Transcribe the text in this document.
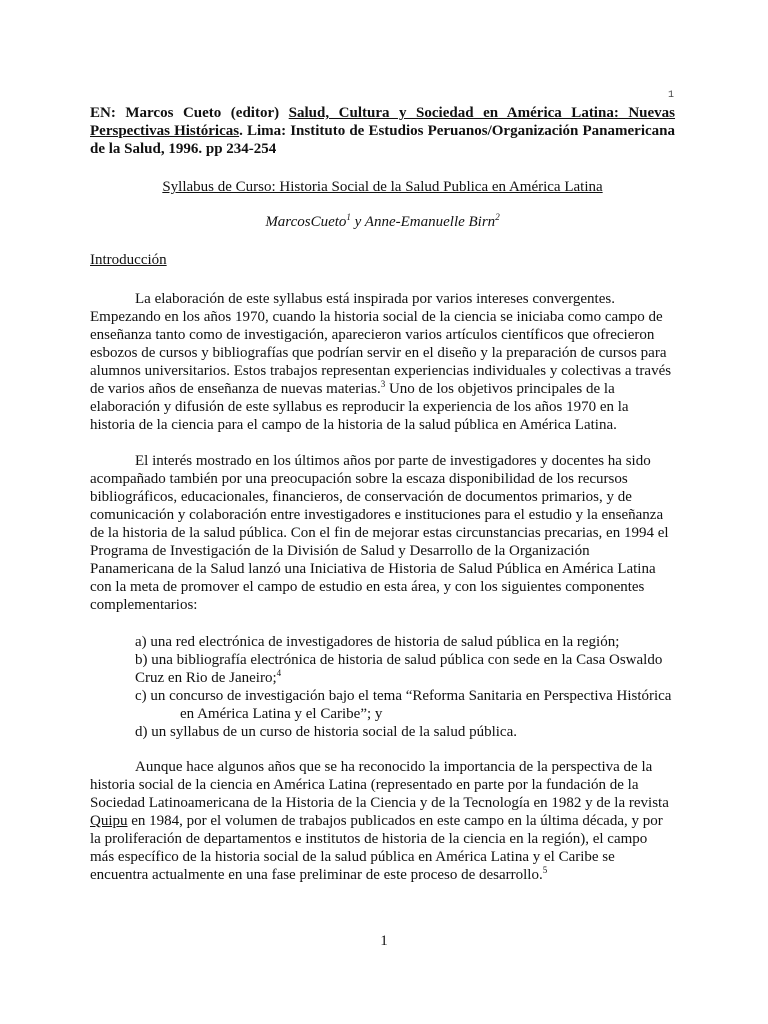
1
EN: Marcos Cueto (editor) Salud, Cultura y Sociedad en América Latina: Nuevas Perspectivas Históricas. Lima: Instituto de Estudios Peruanos/Organización Panamericana de la Salud, 1996. pp 234-254
Syllabus de Curso: Historia Social de la Salud Publica en América Latina
MarcosCueto$^1$ y Anne-Emanuelle Birn$^2$
Introducción

La elaboración de este syllabus está inspirada por varios intereses convergentes. Empezando en los años 1970, cuando la historia social de la ciencia se iniciaba como campo de enseñanza tanto como de investigación, aparecieron varios artículos científicos que ofrecieron esbozos de cursos y bibliografías que podrían servir en el diseño y la preparación de cursos para alumnos universitarios. Estos trabajos representan experiencias individuales y colectivas a través de varios años de enseñanza de nuevas materias.$^3$ Uno de los objetivos principales de la elaboración y difusión de este syllabus es reproducir la experiencia de los años 1970 en la historia de la ciencia para el campo de la historia de la salud pública en América Latina.

El interés mostrado en los últimos años por parte de investigadores y docentes ha sido acompañado también por una preocupación sobre la escaza disponibilidad de los recursos bibliográficos, educacionales, financieros, de conservación de documentos primarios, y de comunicación y colaboración entre investigadores e instituciones para el estudio y la enseñanza de la historia de la salud pública. Con el fin de mejorar estas circunstancias precarias, en 1994 el Programa de Investigación de la División de Salud y Desarrollo de la Organización Panamericana de la Salud lanzó una Iniciativa de Historia de Salud Pública en América Latina con la meta de promover el campo de estudio en esta área, y con los siguientes componentes complementarios:

a) una red electrónica de investigadores de historia de salud pública en la región;

b) una bibliografía electrónica de historia de salud pública con sede en la Casa Oswaldo Cruz en Rio de Janeiro;$^4$

c) un concurso de investigación bajo el tema “Reforma Sanitaria en Perspectiva Histórica

en América Latina y el Caribe”; y

d) un syllabus de un curso de historia social de la salud pública.

Aunque hace algunos años que se ha reconocido la importancia de la perspectiva de la historia social de la ciencia en América Latina (representado en parte por la fundación de la Sociedad Latinoamericana de la Historia de la Ciencia y de la Tecnología en 1982 y de la revista Quipu en 1984, por el volumen de trabajos publicados en este campo en la última década, y por la proliferación de departamentos e institutos de historia de la ciencia en la región), el campo más específico de la historia social de la salud pública en América Latina y el Caribe se encuentra actualmente en una fase preliminar de este proceso de desarrollo.$^5$

1
